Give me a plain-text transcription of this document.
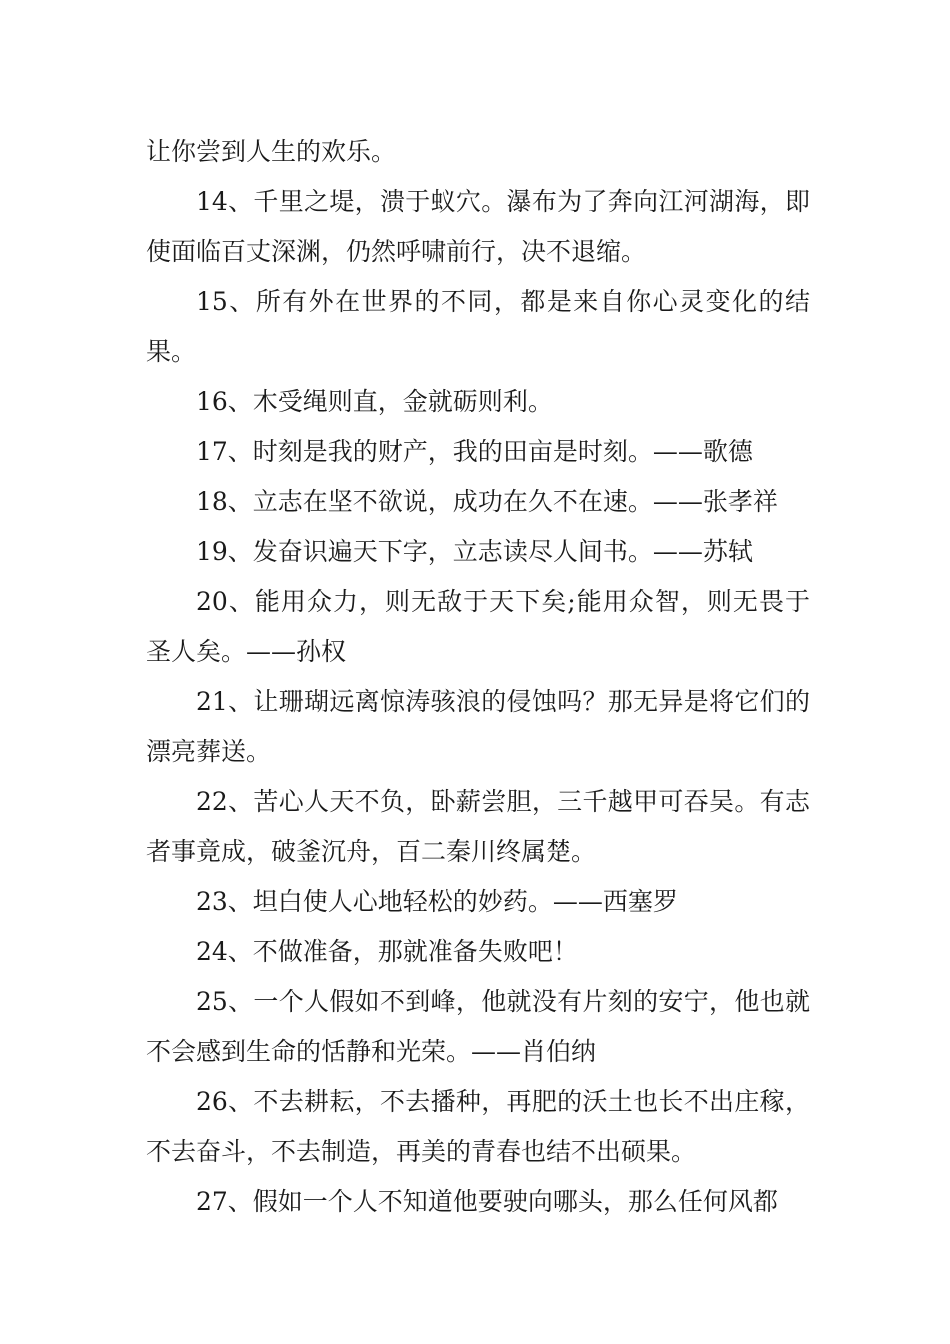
让你尝到人生的欢乐。

14、千里之堤，溃于蚁穴。瀑布为了奔向江河湖海，即使面临百丈深渊，仍然呼啸前行，决不退缩。

15、所有外在世界的不同，都是来自你心灵变化的结果。

16、木受绳则直，金就砺则利。

17、时刻是我的财产，我的田亩是时刻。——歌德

18、立志在坚不欲说，成功在久不在速。——张孝祥

19、发奋识遍天下字，立志读尽人间书。——苏轼

20、能用众力，则无敌于天下矣;能用众智，则无畏于圣人矣。——孙权

21、让珊瑚远离惊涛骇浪的侵蚀吗？那无异是将它们的漂亮葬送。

22、苦心人天不负，卧薪尝胆，三千越甲可吞吴。有志者事竟成，破釜沉舟，百二秦川终属楚。

23、坦白使人心地轻松的妙药。——西塞罗

24、不做准备，那就准备失败吧！

25、一个人假如不到峰，他就没有片刻的安宁，他也就不会感到生命的恬静和光荣。——肖伯纳

26、不去耕耘，不去播种，再肥的沃土也长不出庄稼，不去奋斗，不去制造，再美的青春也结不出硕果。

27、假如一个人不知道他要驶向哪头，那么任何风都
